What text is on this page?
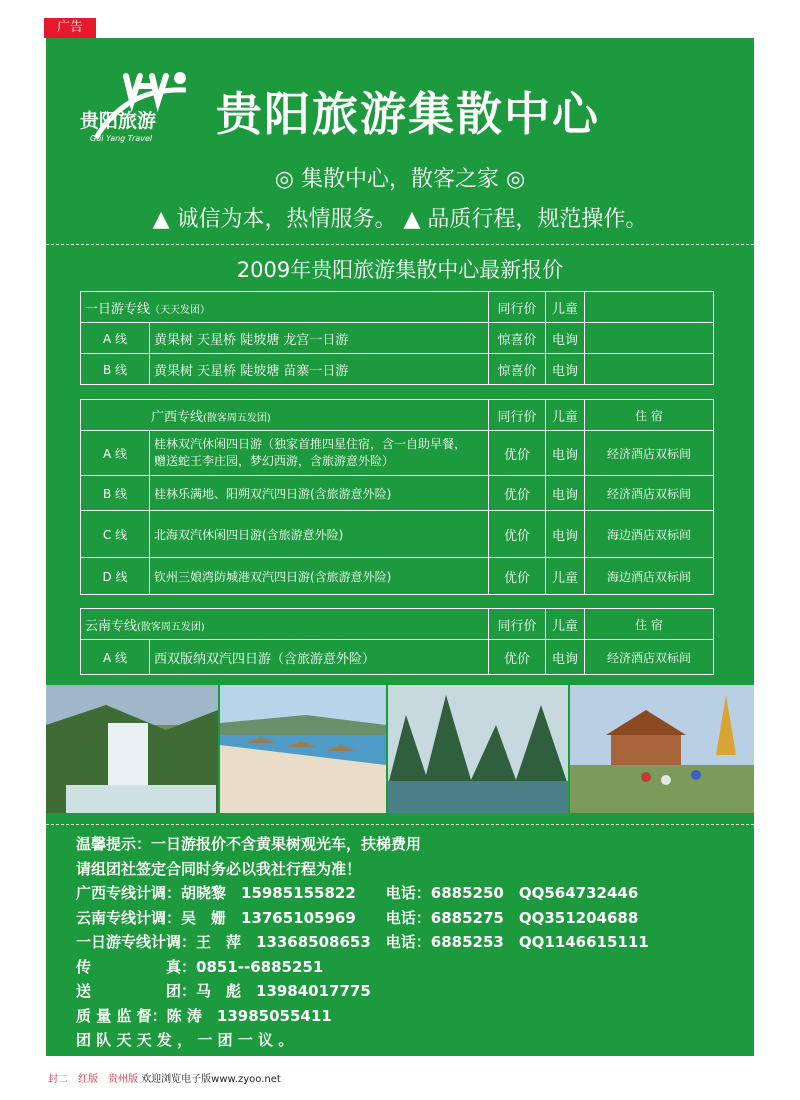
广告
贵阳旅游
Gui Yang Travel 贵阳旅游集散中心
◎ 集散中心，散客之家 ◎
▲ 诚信为本，热情服务。 ▲ 品质行程，规范操作。
2009年贵阳旅游集散中心最新报价
一日游专线（天天发团）		同行价	儿童	
A 线	黄果树 天星桥 陡坡塘 龙宫一日游	惊喜价	电询	
B 线	黄果树 天星桥 陡坡塘 苗寨一日游	惊喜价	电询	
广西专线(散客周五发团)		同行价	儿童	住 宿
A 线	桂林双汽休闲四日游（独家首推四星住宿，含一自助早餐，
赠送蛇王李庄园，梦幻西游，含旅游意外险）	优价	电询	经济酒店双标间
B 线	桂林乐满地、阳朔双汽四日游(含旅游意外险)	优价	电询	经济酒店双标间
C 线	北海双汽休闲四日游(含旅游意外险)	优价	电询	海边酒店双标间
D 线	钦州三娘湾防城港双汽四日游(含旅游意外险)	优价	儿童	海边酒店双标间
云南专线(散客周五发团)		同行价	儿童	住 宿
A 线	西双版纳双汽四日游（含旅游意外险）	优价	电询	经济酒店双标间
温馨提示：一日游报价不含黄果树观光车，扶梯费用
请组团社签定合同时务必以我社行程为准！
广西专线计调：胡晓黎　15985155822　　电话：6885250　QQ564732446
云南专线计调：吴　姗　13765105969　　电话：6885275　QQ351204688
一日游专线计调：王　萍　13368508653　电话：6885253　QQ1146615111
传　　　　　真：0851--6885251
送　　　　　团：马　彪　13984017775
质 量 监 督：陈 涛　13985055411
团 队 天 天 发 ， 一 团 一 议 。
封二　红版　贵州版 欢迎浏览电子版www.zyoo.net
